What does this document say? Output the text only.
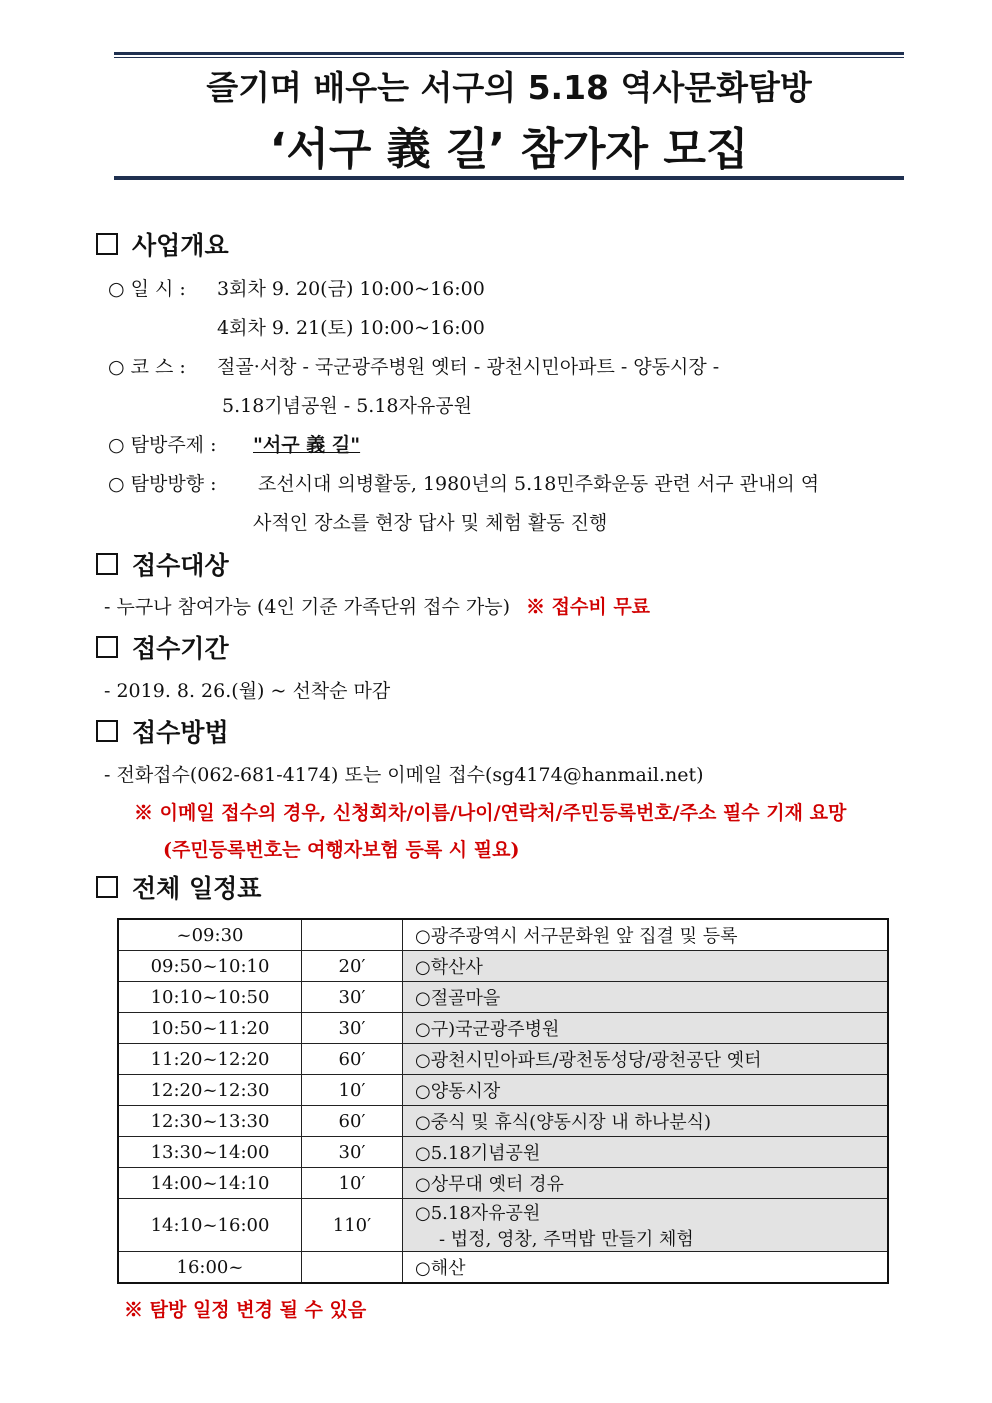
즐기며 배우는 서구의 5.18 역사문화탐방
‘서구 義 길’ 참가자 모집
사업개요
○ 일 시 : 3회차 9. 20(금) 10:00~16:00
4회차 9. 21(토) 10:00~16:00
○ 코 스 : 절골·서창 - 국군광주병원 옛터 - 광천시민아파트 - 양동시장 -
5.18기념공원 - 5.18자유공원
○ 탐방주제 : "서구 義 길"
○ 탐방방향 : 조선시대 의병활동, 1980년의 5.18민주화운동 관련 서구 관내의 역
사적인 장소를 현장 답사 및 체험 활동 진행
접수대상
- 누구나 참여가능 (4인 기준 가족단위 접수 가능) ※ 접수비 무료
접수기간
- 2019. 8. 26.(월) ~ 선착순 마감
접수방법
- 전화접수(062-681-4174) 또는 이메일 접수(sg4174@hanmail.net)
※ 이메일 접수의 경우, 신청회차/이름/나이/연락처/주민등록번호/주소 필수 기재 요망
(주민등록번호는 여행자보험 등록 시 필요)
전체 일정표
~09:30		○광주광역시 서구문화원 앞 집결 및 등록
09:50~10:10	20′	○학산사
10:10~10:50	30′	○절골마을
10:50~11:20	30′	○구)국군광주병원
11:20~12:20	60′	○광천시민아파트/광천동성당/광천공단 옛터
12:20~12:30	10′	○양동시장
12:30~13:30	60′	○중식 및 휴식(양동시장 내 하나분식)
13:30~14:00	30′	○5.18기념공원
14:00~14:10	10′	○상무대 옛터 경유
14:10~16:00	110′	○5.18자유공원
- 법정, 영창, 주먹밥 만들기 체험

16:00~		○해산
※ 탐방 일정 변경 될 수 있음
